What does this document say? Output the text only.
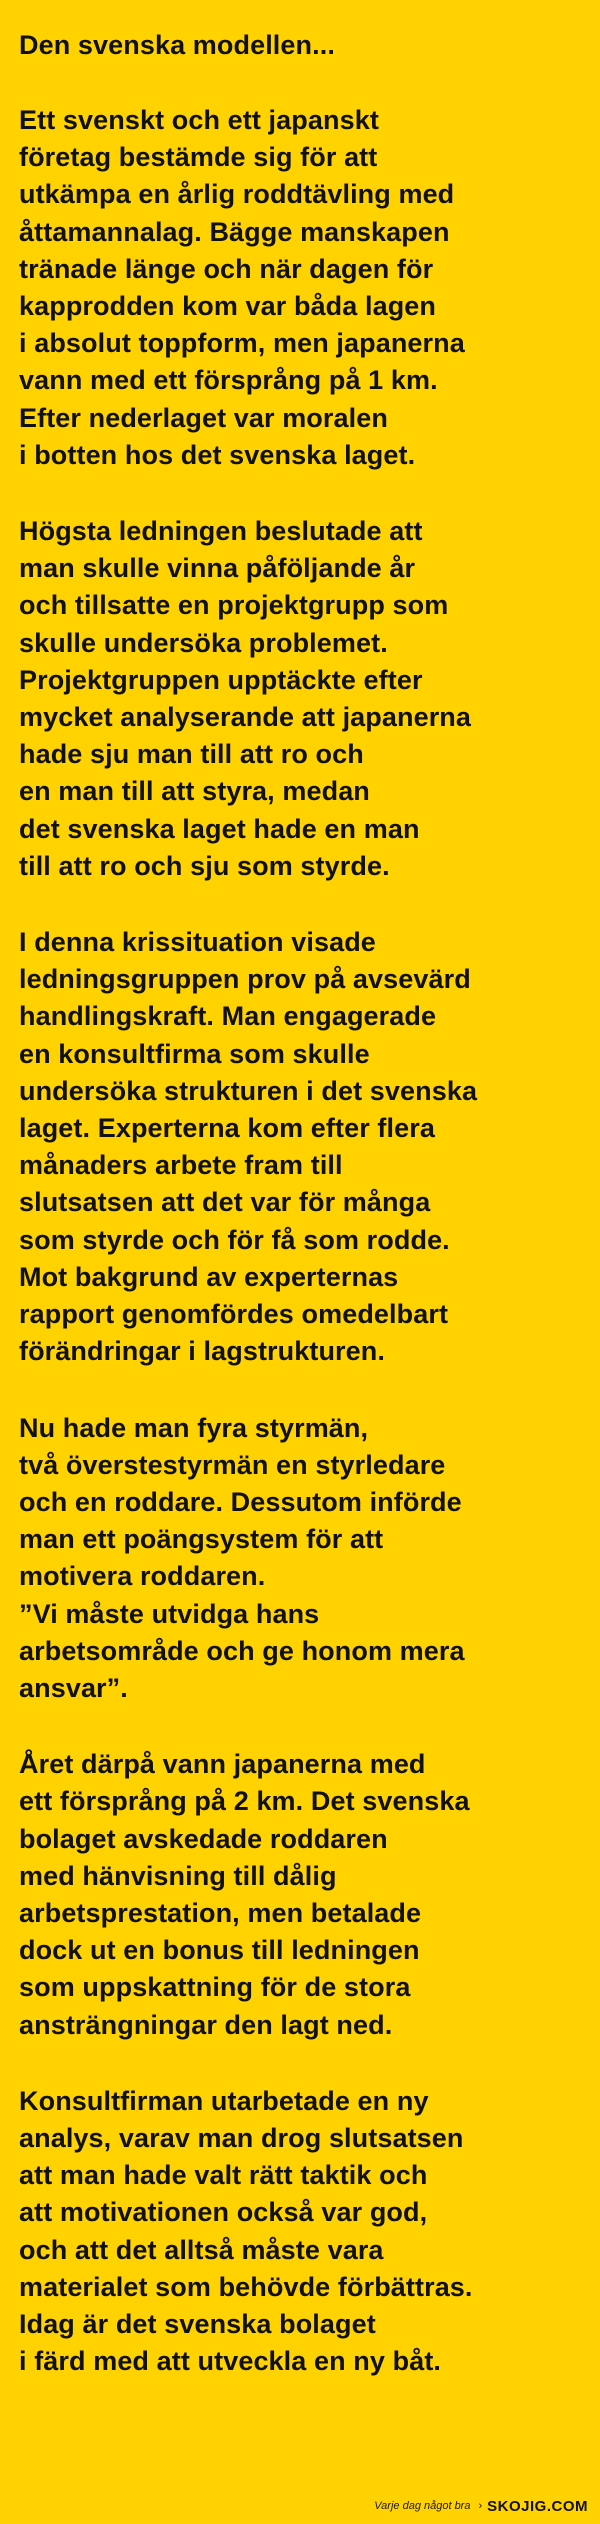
Den svenska modellen...
Ett svenskt och ett japanskt
företag bestämde sig för att
utkämpa en årlig roddtävling med
åttamannalag. Bägge manskapen
tränade länge och när dagen för
kapprodden kom var båda lagen
i absolut toppform, men japanerna
vann med ett försprång på 1 km.
Efter nederlaget var moralen
i botten hos det svenska laget.
Högsta ledningen beslutade att
man skulle vinna påföljande år
och tillsatte en projektgrupp som
skulle undersöka problemet.
Projektgruppen upptäckte efter
mycket analyserande att japanerna
hade sju man till att ro och
en man till att styra, medan
det svenska laget hade en man
till att ro och sju som styrde.
I denna krissituation visade
ledningsgruppen prov på avsevärd
handlingskraft. Man engagerade
en konsultfirma som skulle
undersöka strukturen i det svenska
laget. Experterna kom efter flera
månaders arbete fram till
slutsatsen att det var för många
som styrde och för få som rodde.
Mot bakgrund av experternas
rapport genomfördes omedelbart
förändringar i lagstrukturen.
Nu hade man fyra styrmän,
två överstestyrmän en styrledare
och en roddare. Dessutom införde
man ett poängsystem för att
motivera roddaren.
”Vi måste utvidga hans
arbetsområde och ge honom mera
ansvar”.
Året därpå vann japanerna med
ett försprång på 2 km. Det svenska
bolaget avskedade roddaren
med hänvisning till dålig
arbetsprestation, men betalade
dock ut en bonus till ledningen
som uppskattning för de stora
ansträngningar den lagt ned.
Konsultfirman utarbetade en ny
analys, varav man drog slutsatsen
att man hade valt rätt taktik och
att motivationen också var god,
och att det alltså måste vara
materialet som behövde förbättras.
Idag är det svenska bolaget
i färd med att utveckla en ny båt.
Varje dag något bra › SKOJIG.COM
